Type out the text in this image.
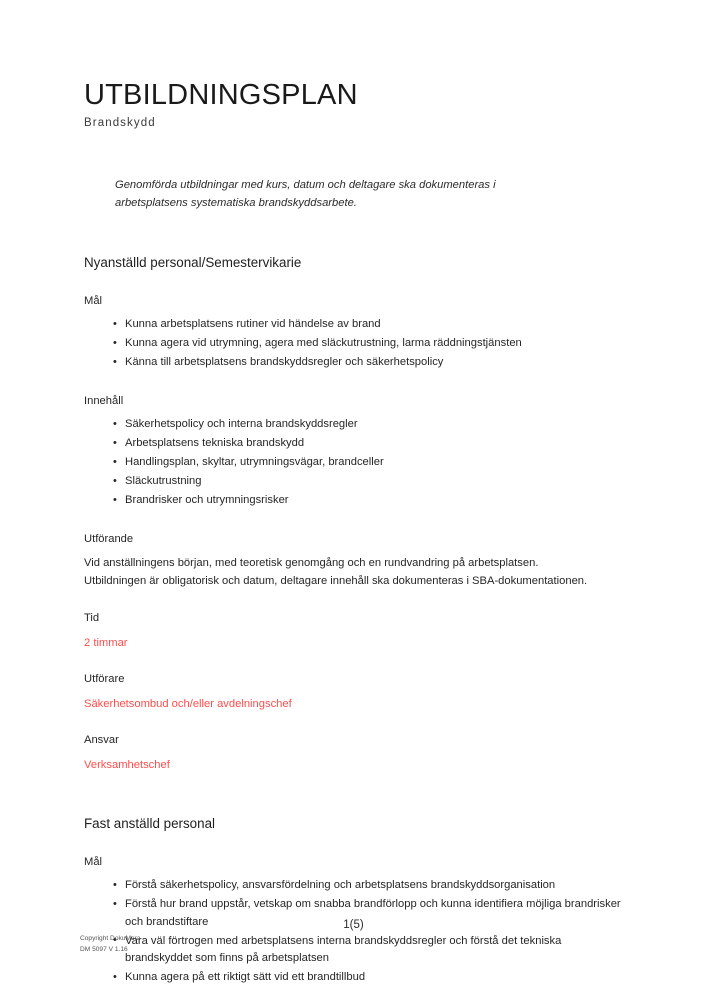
UTBILDNINGSPLAN
Brandskydd

Genomförda utbildningar med kurs, datum och deltagare ska dokumenteras i arbetsplatsens systematiska brandskyddsarbete.

Nyanställd personal/Semestervikarie
Mål
• Kunna arbetsplatsens rutiner vid händelse av brand
• Kunna agera vid utrymning, agera med släckutrustning, larma räddningstjänsten
• Känna till arbetsplatsens brandskyddsregler och säkerhetspolicy
Innehåll
• Säkerhetspolicy och interna brandskyddsregler
• Arbetsplatsens tekniska brandskydd
• Handlingsplan, skyltar, utrymningsvägar, brandceller
• Släckutrustning
• Brandrisker och utrymningsrisker
Utförande

Vid anställningens början, med teoretisk genomgång och en rundvandring på arbetsplatsen. Utbildningen är obligatorisk och datum, deltagare innehåll ska dokumenteras i SBA-dokumentationen.

Tid
2 timmar
Utförare
Säkerhetsombud och/eller avdelningschef
Ansvar
Verksamhetschef
Fast anställd personal
Mål
• Förstå säkerhetspolicy, ansvarsfördelning och arbetsplatsens brandskyddsorganisation
• Förstå hur brand uppstår, vetskap om snabba brandförlopp och kunna identifiera möjliga brandrisker och brandstiftare
• Vara väl förtrogen med arbetsplatsens interna brandskyddsregler och förstå det tekniska brandskyddet som finns på arbetsplatsen
• Kunna agera på ett riktigt sätt vid ett brandtillbud
1(5)
Copyright DokuMera
DM 5097 V 1.16
